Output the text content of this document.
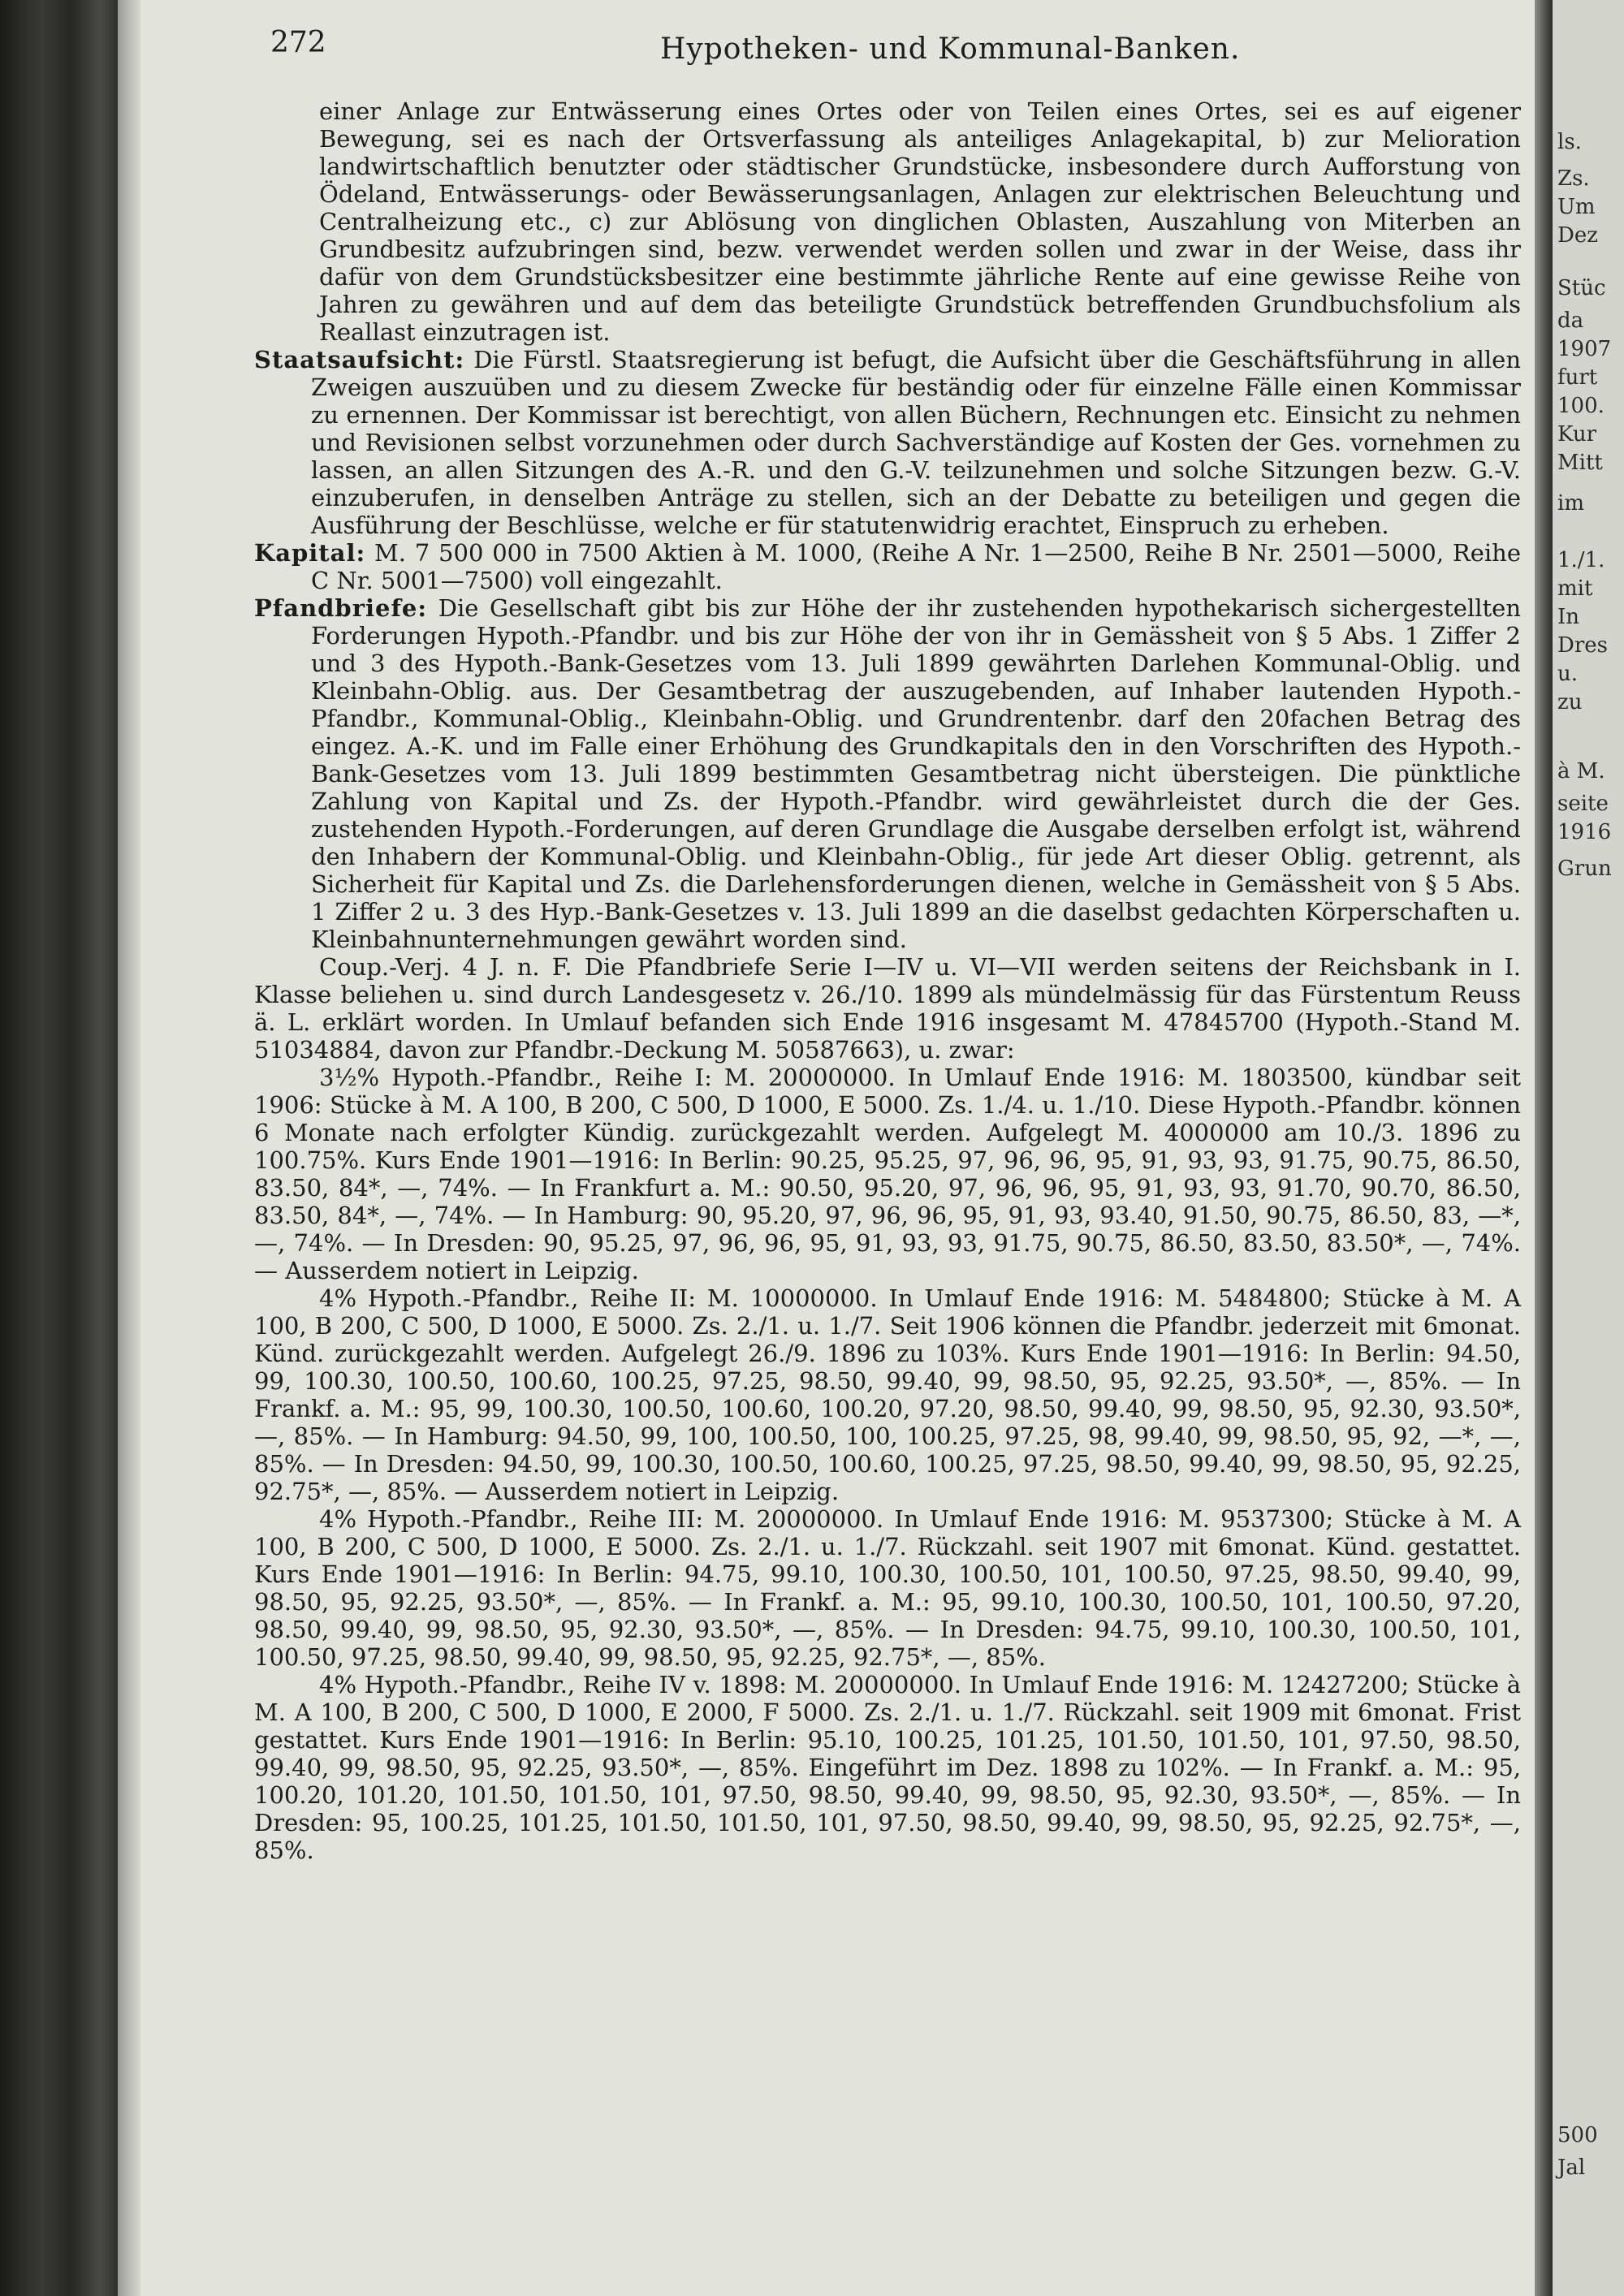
272	Hypotheken- und Kommunal-Banken.

einer Anlage zur Entwässerung eines Ortes oder von Teilen eines Ortes, sei es auf eigener Bewegung, sei es nach der Ortsverfassung als anteiliges Anlagekapital, b) zur Melioration landwirtschaftlich benutzter oder städtischer Grundstücke, insbesondere durch Aufforstung von Ödeland, Entwässerungs- oder Bewässerungsanlagen, Anlagen zur elektrischen Beleuchtung und Centralheizung etc., c) zur Ablösung von dinglichen Oblasten, Auszahlung von Miterben an Grundbesitz aufzubringen sind, bezw. verwendet werden sollen und zwar in der Weise, dass ihr dafür von dem Grundstücksbesitzer eine bestimmte jährliche Rente auf eine gewisse Reihe von Jahren zu gewähren und auf dem das beteiligte Grundstück betreffenden Grundbuchsfolium als Reallast einzutragen ist.

Staatsaufsicht: Die Fürstl. Staatsregierung ist befugt, die Aufsicht über die Geschäftsführung in allen Zweigen auszuüben und zu diesem Zwecke für beständig oder für einzelne Fälle einen Kommissar zu ernennen. Der Kommissar ist berechtigt, von allen Büchern, Rechnungen etc. Einsicht zu nehmen und Revisionen selbst vorzunehmen oder durch Sachverständige auf Kosten der Ges. vornehmen zu lassen, an allen Sitzungen des A.-R. und den G.-V. teilzunehmen und solche Sitzungen bezw. G.-V. einzuberufen, in denselben Anträge zu stellen, sich an der Debatte zu beteiligen und gegen die Ausführung der Beschlüsse, welche er für statutenwidrig erachtet, Einspruch zu erheben.

Kapital: M. 7 500 000 in 7500 Aktien à M. 1000, (Reihe A Nr. 1—2500, Reihe B Nr. 2501—5000, Reihe C Nr. 5001—7500) voll eingezahlt.

Pfandbriefe: Die Gesellschaft gibt bis zur Höhe der ihr zustehenden hypothekarisch sichergestellten Forderungen Hypoth.-Pfandbr. und bis zur Höhe der von ihr in Gemässheit von § 5 Abs. 1 Ziffer 2 und 3 des Hypoth.-Bank-Gesetzes vom 13. Juli 1899 gewährten Darlehen Kommunal-Oblig. und Kleinbahn-Oblig. aus. Der Gesamtbetrag der auszugebenden, auf Inhaber lautenden Hypoth.-Pfandbr., Kommunal-Oblig., Kleinbahn-Oblig. und Grundrentenbr. darf den 20fachen Betrag des eingez. A.-K. und im Falle einer Erhöhung des Grundkapitals den in den Vorschriften des Hypoth.-Bank-Gesetzes vom 13. Juli 1899 bestimmten Gesamtbetrag nicht übersteigen. Die pünktliche Zahlung von Kapital und Zs. der Hypoth.-Pfandbr. wird gewährleistet durch die der Ges. zustehenden Hypoth.-Forderungen, auf deren Grundlage die Ausgabe derselben erfolgt ist, während den Inhabern der Kommunal-Oblig. und Kleinbahn-Oblig., für jede Art dieser Oblig. getrennt, als Sicherheit für Kapital und Zs. die Darlehensforderungen dienen, welche in Gemässheit von § 5 Abs. 1 Ziffer 2 u. 3 des Hyp.-Bank-Gesetzes v. 13. Juli 1899 an die daselbst gedachten Körperschaften u. Kleinbahnunternehmungen gewährt worden sind.

Coup.-Verj. 4 J. n. F. Die Pfandbriefe Serie I—IV u. VI—VII werden seitens der Reichsbank in I. Klasse beliehen u. sind durch Landesgesetz v. 26./10. 1899 als mündelmässig für das Fürstentum Reuss ä. L. erklärt worden. In Umlauf befanden sich Ende 1916 insgesamt M. 47845700 (Hypoth.-Stand M. 51034884, davon zur Pfandbr.-Deckung M. 50587663), u. zwar:

3½% Hypoth.-Pfandbr., Reihe I: M. 20000000. In Umlauf Ende 1916: M. 1803500, kündbar seit 1906: Stücke à M. A 100, B 200, C 500, D 1000, E 5000. Zs. 1./4. u. 1./10. Diese Hypoth.-Pfandbr. können 6 Monate nach erfolgter Kündig. zurückgezahlt werden. Aufgelegt M. 4000000 am 10./3. 1896 zu 100.75%. Kurs Ende 1901—1916: In Berlin: 90.25, 95.25, 97, 96, 96, 95, 91, 93, 93, 91.75, 90.75, 86.50, 83.50, 84*, —, 74%. — In Frankfurt a. M.: 90.50, 95.20, 97, 96, 96, 95, 91, 93, 93, 91.70, 90.70, 86.50, 83.50, 84*, —, 74%. — In Hamburg: 90, 95.20, 97, 96, 96, 95, 91, 93, 93.40, 91.50, 90.75, 86.50, 83, —*, —, 74%. — In Dresden: 90, 95.25, 97, 96, 96, 95, 91, 93, 93, 91.75, 90.75, 86.50, 83.50, 83.50*, —, 74%. — Ausserdem notiert in Leipzig.

4% Hypoth.-Pfandbr., Reihe II: M. 10000000. In Umlauf Ende 1916: M. 5484800; Stücke à M. A 100, B 200, C 500, D 1000, E 5000. Zs. 2./1. u. 1./7. Seit 1906 können die Pfandbr. jederzeit mit 6monat. Künd. zurückgezahlt werden. Aufgelegt 26./9. 1896 zu 103%. Kurs Ende 1901—1916: In Berlin: 94.50, 99, 100.30, 100.50, 100.60, 100.25, 97.25, 98.50, 99.40, 99, 98.50, 95, 92.25, 93.50*, —, 85%. — In Frankf. a. M.: 95, 99, 100.30, 100.50, 100.60, 100.20, 97.20, 98.50, 99.40, 99, 98.50, 95, 92.30, 93.50*, —, 85%. — In Hamburg: 94.50, 99, 100, 100.50, 100, 100.25, 97.25, 98, 99.40, 99, 98.50, 95, 92, —*, —, 85%. — In Dresden: 94.50, 99, 100.30, 100.50, 100.60, 100.25, 97.25, 98.50, 99.40, 99, 98.50, 95, 92.25, 92.75*, —, 85%. — Ausserdem notiert in Leipzig.

4% Hypoth.-Pfandbr., Reihe III: M. 20000000. In Umlauf Ende 1916: M. 9537300; Stücke à M. A 100, B 200, C 500, D 1000, E 5000. Zs. 2./1. u. 1./7. Rückzahl. seit 1907 mit 6monat. Künd. gestattet. Kurs Ende 1901—1916: In Berlin: 94.75, 99.10, 100.30, 100.50, 101, 100.50, 97.25, 98.50, 99.40, 99, 98.50, 95, 92.25, 93.50*, —, 85%. — In Frankf. a. M.: 95, 99.10, 100.30, 100.50, 101, 100.50, 97.20, 98.50, 99.40, 99, 98.50, 95, 92.30, 93.50*, —, 85%. — In Dresden: 94.75, 99.10, 100.30, 100.50, 101, 100.50, 97.25, 98.50, 99.40, 99, 98.50, 95, 92.25, 92.75*, —, 85%.

4% Hypoth.-Pfandbr., Reihe IV v. 1898: M. 20000000. In Umlauf Ende 1916: M. 12427200; Stücke à M. A 100, B 200, C 500, D 1000, E 2000, F 5000. Zs. 2./1. u. 1./7. Rückzahl. seit 1909 mit 6monat. Frist gestattet. Kurs Ende 1901—1916: In Berlin: 95.10, 100.25, 101.25, 101.50, 101.50, 101, 97.50, 98.50, 99.40, 99, 98.50, 95, 92.25, 93.50*, —, 85%. Eingeführt im Dez. 1898 zu 102%. — In Frankf. a. M.: 95, 100.20, 101.20, 101.50, 101.50, 101, 97.50, 98.50, 99.40, 99, 98.50, 95, 92.30, 93.50*, —, 85%. — In Dresden: 95, 100.25, 101.25, 101.50, 101.50, 101, 97.50, 98.50, 99.40, 99, 98.50, 95, 92.25, 92.75*, —, 85%.

ls.
Zs.
Um
Dez
Stüc
da
1907
furt
100.
Kur
Mitt
im
1./1.
mit
In
Dres
u.
zu
à M.
seite
1916
Grun
500
Jal
